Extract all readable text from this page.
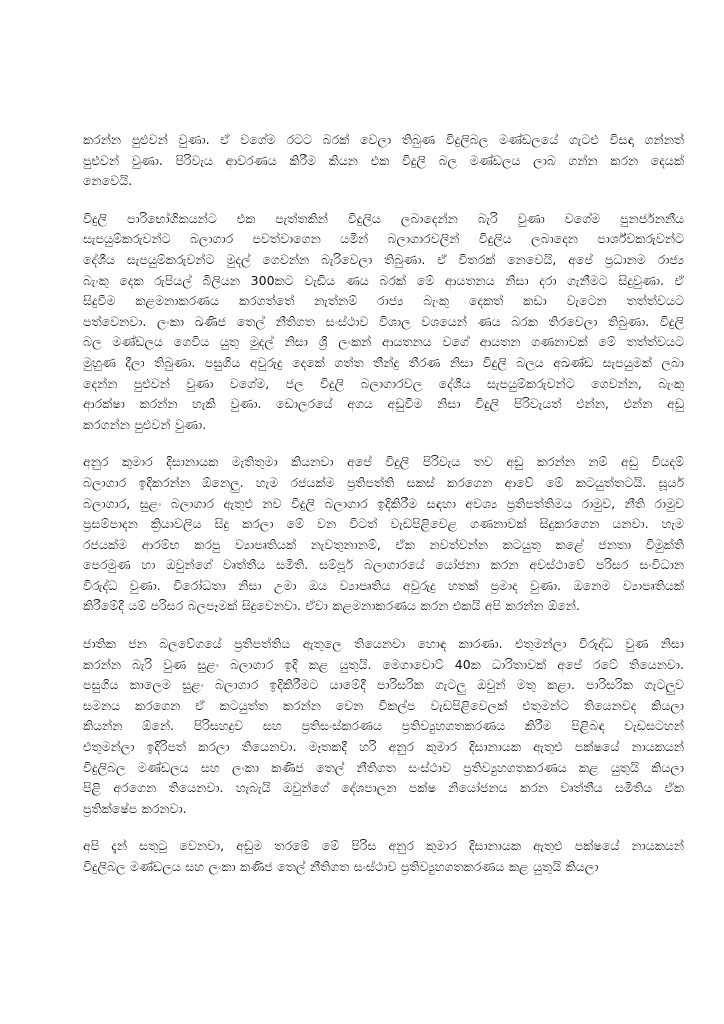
කරන්න පුළුවන් වුණා. ඒ වගේම රටට බරක් වෙලා තිබුණ විදුලිබල මණ්ඩලයේ ගැටළු විසඳා ගන්නත්
පුළුවන් වුණා. පිරිවැය ආවරණය කිරීම කියන එක විදුලි බල මණ්ඩලය ලාබ ගන්න කරන දෙයක්
නෙවෙයි.

විදුලි පාරිභෝගිකයන්ට එක පැත්තකින් විදුලිය ලබාදෙන්න බැරි වුණා වගේම පුනර්ජනනීය
සැපයුම්කරුවන්ට බලාගාර පවත්වාගෙන යමින් බලාගාරවලින් විදුලිය ලබාදෙන පාර්ශ්වකරුවන්ට
දේශීය සැපයුම්කරුවන්ට මුදල් ගෙවන්න බැරිවෙලා තිබුණා. ඒ විතරක් නෙවෙයි, අපේ ප්‍රධානම රාජ්‍ය
බැංකු දෙක රුපියල් බිලියන 300කට වැඩිය ණය බරක් මේ ආයතනය නිසා දරා ගැනීමට සිදුවුණා. ඒ
සිදුවීම කළමනාකරණය කරගත්තේ නැත්නම් රාජ්‍ය බැංකු දෙකත් කඩා වැටෙන තත්ත්වයට
පත්වෙනවා. ලංකා ඛණිජ තෙල් නීතිගත සංස්ථාව විශාල වශයෙන් ණය බරක තිරවෙලා තිබුණා. විදුලි
බල මණ්ඩලය ගෙවිය යුතු මුදල් නිසා ශ්‍රී ලංකන් ආයතනය වගේ ආයතන ගණනාවක් මේ තත්ත්වයට
මුහුණ දීලා තිබුණා. පසුගිය අවුරුදු දෙකේ ගත්ත තීන්දු තීරණ නිසා විදුලි බලය අඛණ්ඩ සැපයුමක් ලබා
දෙන්න පුළුවන් වුණා වගේම, ජල විදුලි බලාගාරවල දේශීය සැපයුම්කරුවන්ට ගෙවන්න, බැංකු
ආරක්ෂා කරන්න හැකි වුණා. ඩොලරයේ අගය අඩුවීම නිසා විදුලි පිරිවැයත් එන්න, එන්න අඩු
කරගන්න පුළුවන් වුණා.

අනුර කුමාර දිසානායක මැතිතුමා කියනවා අපේ විදුලි පිරිවැය තව අඩු කරන්න නම් අඩු වියදම්
බලාගාර ඉදිකරන්න ඕනෙලු. හැම රජයක්ම ප්‍රතිපත්ති සකස් කරගෙන ආවේ මේ කටයුත්තටයි. සූර්ය
බලාගාර, සුළං බලාගාර ඇතුළු නව විදුලි බලාගාර ඉදිකිරීම සඳහා අවශ්‍ය ප්‍රතිපත්තිමය රාමුව, නීති රාමුව
ප්‍රසම්පාදන ක්‍රියාවලිය සිදු කරලා මේ වන විටත් වැඩපිළිවෙළ ගණනාවක් සිදුකරගෙන යනවා. හැම
රජයක්ම ආරම්භ කරපු ව්‍යාපෘතියක් නැවතුනානම්, ඒක නවත්වන්න කටයුතු කළේ ජනතා විමුක්ති
පෙරමුණ හා ඔවුන්ගේ වෘත්තීය සමිති. සම්පූර් බලාගාරයේ යෝජනා කරන අවස්ථාවේ පරිසර සංවිධාන
විරුද්ධ වුණා. විරෝධතා නිසා උමා ඔය ව්‍යාපෘතිය අවුරුදු හතක් ප්‍රමාද වුණා. ඔනෙම ව්‍යාපෘතියක්
කිරීමේදී යම් පරිසර බලපෑමක් සිදුවෙනවා. ඒවා කළමනාකරණය කරන එකයි අපි කරන්න ඕනේ.

ජාතික ජන බලවේගයේ ප්‍රතිපත්තිය ඇතුලෙ තියෙනවා හොඳ කාරණා. එතුමන්ලා විරුද්ධ වුණ නිසා
කරන්න බැරි වුණ සුළං බලාගාර ඉදි කළ යුතුයි. මෙගාවොට් 40ක ධාරිතාවක් අපේ රටේ තියෙනවා.
පසුගිය කාලෙම සුළං බලාගාර ඉදිකිරීමට යාමේදී පාරිසරික ගැටලු ඔවුන් මතු කළා. පාරිසරික ගැටලුව
සමනය කරගෙන ඒ කටයුත්ත කරන්න වෙන විකල්ප වැඩපිළිවෙලක් එතුමන්ට තියෙනවද කියලා
කියන්න ඕනේ. පිරිසහදුව සහ ප්‍රතිසංස්කරණය ප්‍රතිව්‍යුහගතකරණය කිරීම පිළිබඳ වැඩසටහන්
එතුමන්ලා ඉදිරිපත් කරලා තියෙනවා. මෑතකදී හරි අනුර කුමාර දිසානායක ඇතුළු පක්ෂයේ නායකයන්
විදුලිබල මණ්ඩලය සහ ලංකා කණිජ තෙල් නීතිගත සංස්ථාව ප්‍රතිව්‍යුහගතකරණය කළ යුතුයි කියලා
පිළි අරගෙන තියෙනවා. හැබැයි ඔවුන්ගේ දේශපාලන පක්ෂ නියෝජනය කරන වෘත්තීය සමිතිය ඒක
ප්‍රතික්ෂේප කරනවා.

අපි දැන් සතුටු වෙනවා, අඩුම තරමේ මේ පිරිස අනුර කුමාර දිසානායක ඇතුළු පක්ෂයේ නායකයන්
විදුලිබල මණ්ඩලය සහ ලංකා කණිජ තෙල් නීතිගත සංස්ථාව ප්‍රතිව්‍යුහගතකරණය කළ යුතුයි කියලා
